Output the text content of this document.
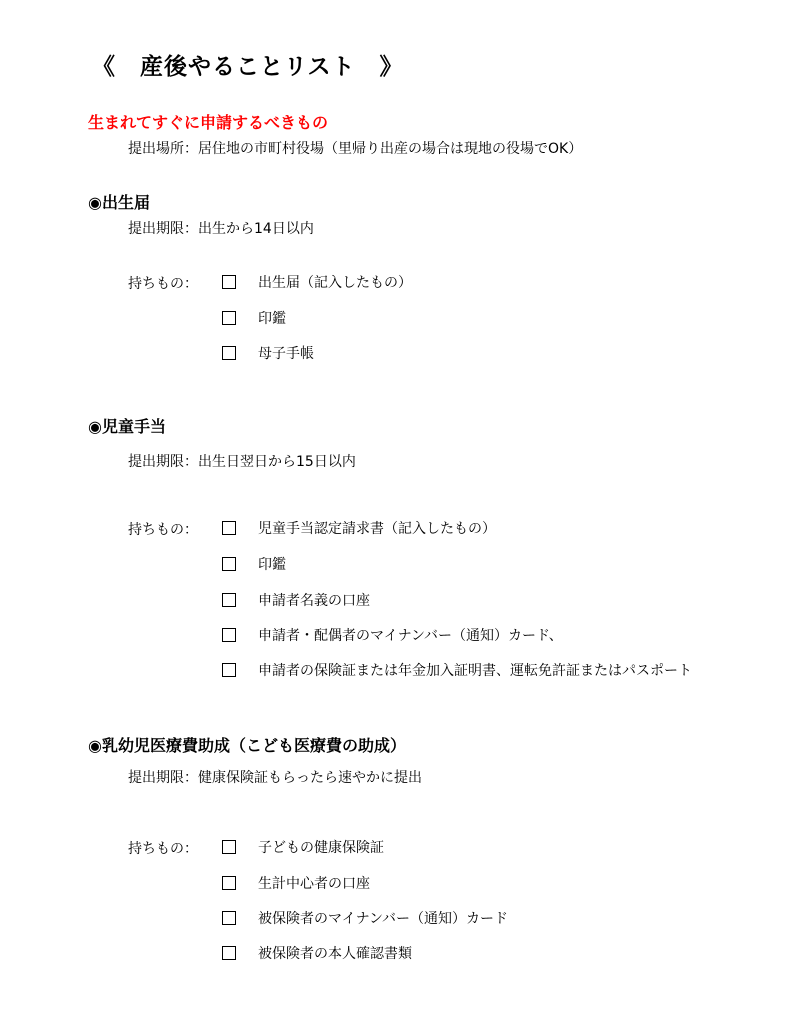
《 産後やることリスト 》
生まれてすぐに申請するべきもの
提出場所：居住地の市町村役場（里帰り出産の場合は現地の役場でOK）
◉出生届
提出期限：出生から14日以内
持ちもの：	出生届（記入したもの）
印鑑
母子手帳
◉児童手当
提出期限：出生日翌日から15日以内
持ちもの：	児童手当認定請求書（記入したもの）
印鑑
申請者名義の口座
申請者・配偶者のマイナンバー（通知）カード、
申請者の保険証または年金加入証明書、運転免許証またはパスポート
◉乳幼児医療費助成（こども医療費の助成）
提出期限：健康保険証もらったら速やかに提出
持ちもの：	子どもの健康保険証
生計中心者の口座
被保険者のマイナンバー（通知）カード
被保険者の本人確認書類
